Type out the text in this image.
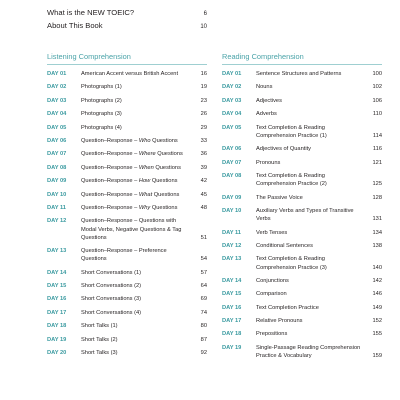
What is the NEW TOEIC?	6
About This Book	10
Listening Comprehension
DAY 01	American Accent versus British Accent	16
DAY 02	Photographs (1)	19
DAY 03	Photographs (2)	23
DAY 04	Photographs (3)	26
DAY 05	Photographs (4)	29
DAY 06	Question–Response – Who Questions	33
DAY 07	Question–Response – Where Questions	36
DAY 08	Question–Response – When Questions	39
DAY 09	Question–Response – How Questions	42
DAY 10	Question–Response – What Questions	45
DAY 11	Question–Response – Why Questions	48
DAY 12	Question–Response – Questions with Modal Verbs, Negative Questions & Tag Questions	51
DAY 13	Question–Response – Preference Questions	54
DAY 14	Short Conversations (1)	57
DAY 15	Short Conversations (2)	64
DAY 16	Short Conversations (3)	69
DAY 17	Short Conversations (4)	74
DAY 18	Short Talks (1)	80
DAY 19	Short Talks (2)	87
DAY 20	Short Talks (3)	92
Reading Comprehension
DAY 01	Sentence Structures and Patterns	100
DAY 02	Nouns	102
DAY 03	Adjectives	106
DAY 04	Adverbs	110
DAY 05	Text Completion & Reading Comprehension Practice (1)	114
DAY 06	Adjectives of Quantity	116
DAY 07	Pronouns	121
DAY 08	Text Completion & Reading Comprehension Practice (2)	125
DAY 09	The Passive Voice	128
DAY 10	Auxiliary Verbs and Types of Transitive Verbs	131
DAY 11	Verb Tenses	134
DAY 12	Conditional Sentences	138
DAY 13	Text Completion & Reading Comprehension Practice (3)	140
DAY 14	Conjunctions	142
DAY 15	Comparison	146
DAY 16	Text Completion Practice	149
DAY 17	Relative Pronouns	152
DAY 18	Prepositions	155
DAY 19	Single-Passage Reading Comprehension Practice & Vocabulary	159
